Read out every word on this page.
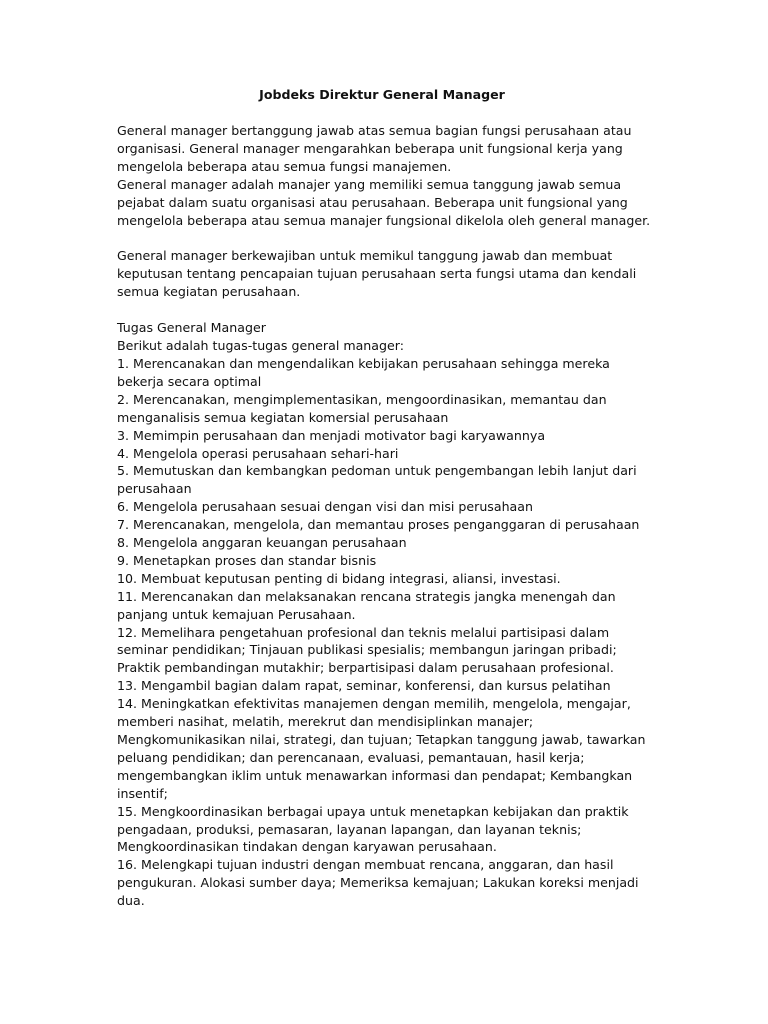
Jobdeks Direktur General Manager
General manager bertanggung jawab atas semua bagian fungsi perusahaan atau
organisasi. General manager mengarahkan beberapa unit fungsional kerja yang
mengelola beberapa atau semua fungsi manajemen.
General manager adalah manajer yang memiliki semua tanggung jawab semua
pejabat dalam suatu organisasi atau perusahaan. Beberapa unit fungsional yang
mengelola beberapa atau semua manajer fungsional dikelola oleh general manager.
General manager berkewajiban untuk memikul tanggung jawab dan membuat
keputusan tentang pencapaian tujuan perusahaan serta fungsi utama dan kendali
semua kegiatan perusahaan.
Tugas General Manager
Berikut adalah tugas-tugas general manager:
1. Merencanakan dan mengendalikan kebijakan perusahaan sehingga mereka
bekerja secara optimal
2. Merencanakan, mengimplementasikan, mengoordinasikan, memantau dan
menganalisis semua kegiatan komersial perusahaan
3. Memimpin perusahaan dan menjadi motivator bagi karyawannya
4. Mengelola operasi perusahaan sehari-hari
5. Memutuskan dan kembangkan pedoman untuk pengembangan lebih lanjut dari
perusahaan
6. Mengelola perusahaan sesuai dengan visi dan misi perusahaan
7. Merencanakan, mengelola, dan memantau proses penganggaran di perusahaan
8. Mengelola anggaran keuangan perusahaan
9. Menetapkan proses dan standar bisnis
10. Membuat keputusan penting di bidang integrasi, aliansi, investasi.
11. Merencanakan dan melaksanakan rencana strategis jangka menengah dan
panjang untuk kemajuan Perusahaan.
12. Memelihara pengetahuan profesional dan teknis melalui partisipasi dalam
seminar pendidikan; Tinjauan publikasi spesialis; membangun jaringan pribadi;
Praktik pembandingan mutakhir; berpartisipasi dalam perusahaan profesional.
13. Mengambil bagian dalam rapat, seminar, konferensi, dan kursus pelatihan
14. Meningkatkan efektivitas manajemen dengan memilih, mengelola, mengajar,
memberi nasihat, melatih, merekrut dan mendisiplinkan manajer;
Mengkomunikasikan nilai, strategi, dan tujuan; Tetapkan tanggung jawab, tawarkan
peluang pendidikan; dan perencanaan, evaluasi, pemantauan, hasil kerja;
mengembangkan iklim untuk menawarkan informasi dan pendapat; Kembangkan
insentif;
15. Mengkoordinasikan berbagai upaya untuk menetapkan kebijakan dan praktik
pengadaan, produksi, pemasaran, layanan lapangan, dan layanan teknis;
Mengkoordinasikan tindakan dengan karyawan perusahaan.
16. Melengkapi tujuan industri dengan membuat rencana, anggaran, dan hasil
pengukuran. Alokasi sumber daya; Memeriksa kemajuan; Lakukan koreksi menjadi
dua.
